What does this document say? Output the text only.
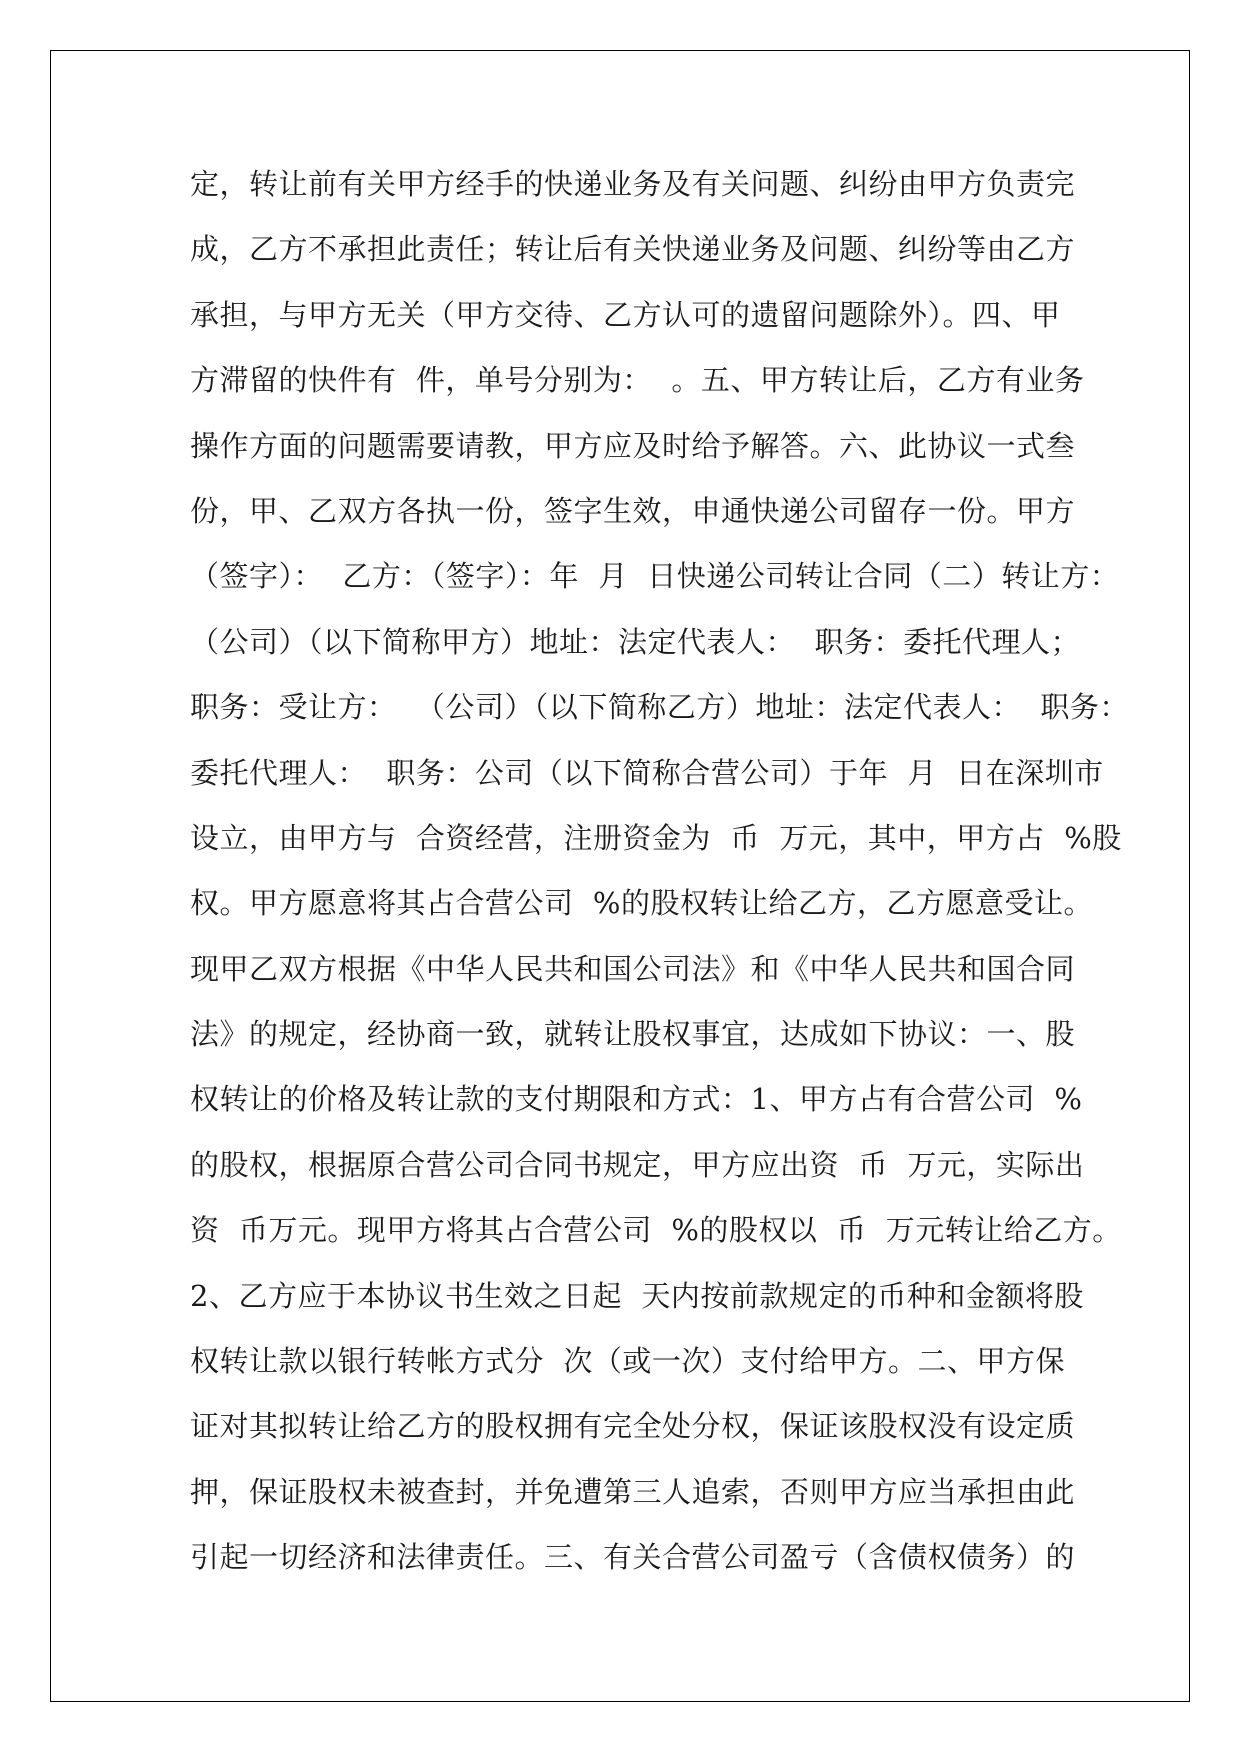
定，转让前有关甲方经手的快递业务及有关问题、纠纷由甲方负责完
成，乙方不承担此责任；转让后有关快递业务及问题、纠纷等由乙方
承担，与甲方无关（甲方交待、乙方认可的遗留问题除外）。四、甲
方滞留的快件有  件，单号分别为：  。五、甲方转让后，乙方有业务
操作方面的问题需要请教，甲方应及时给予解答。六、此协议一式叁
份，甲、乙双方各执一份，签字生效，申通快递公司留存一份。甲方
（签字）：  乙方：（签字）：年  月  日快递公司转让合同（二）转让方：
（公司）（以下简称甲方）地址：法定代表人：  职务：委托代理人；
职务：受让方：  （公司）（以下简称乙方）地址：法定代表人：  职务：
委托代理人：  职务：公司（以下简称合营公司）于年  月  日在深圳市
设立，由甲方与  合资经营，注册资金为  币  万元，其中，甲方占  %股
权。甲方愿意将其占合营公司  %的股权转让给乙方，乙方愿意受让。
现甲乙双方根据《中华人民共和国公司法》和《中华人民共和国合同
法》的规定，经协商一致，就转让股权事宜，达成如下协议：一、股
权转让的价格及转让款的支付期限和方式：1、甲方占有合营公司  %
的股权，根据原合营公司合同书规定，甲方应出资  币  万元，实际出
资  币万元。现甲方将其占合营公司  %的股权以  币  万元转让给乙方。
2、乙方应于本协议书生效之日起  天内按前款规定的币种和金额将股
权转让款以银行转帐方式分  次（或一次）支付给甲方。二、甲方保
证对其拟转让给乙方的股权拥有完全处分权，保证该股权没有设定质
押，保证股权未被查封，并免遭第三人追索，否则甲方应当承担由此
引起一切经济和法律责任。三、有关合营公司盈亏（含债权债务）的
